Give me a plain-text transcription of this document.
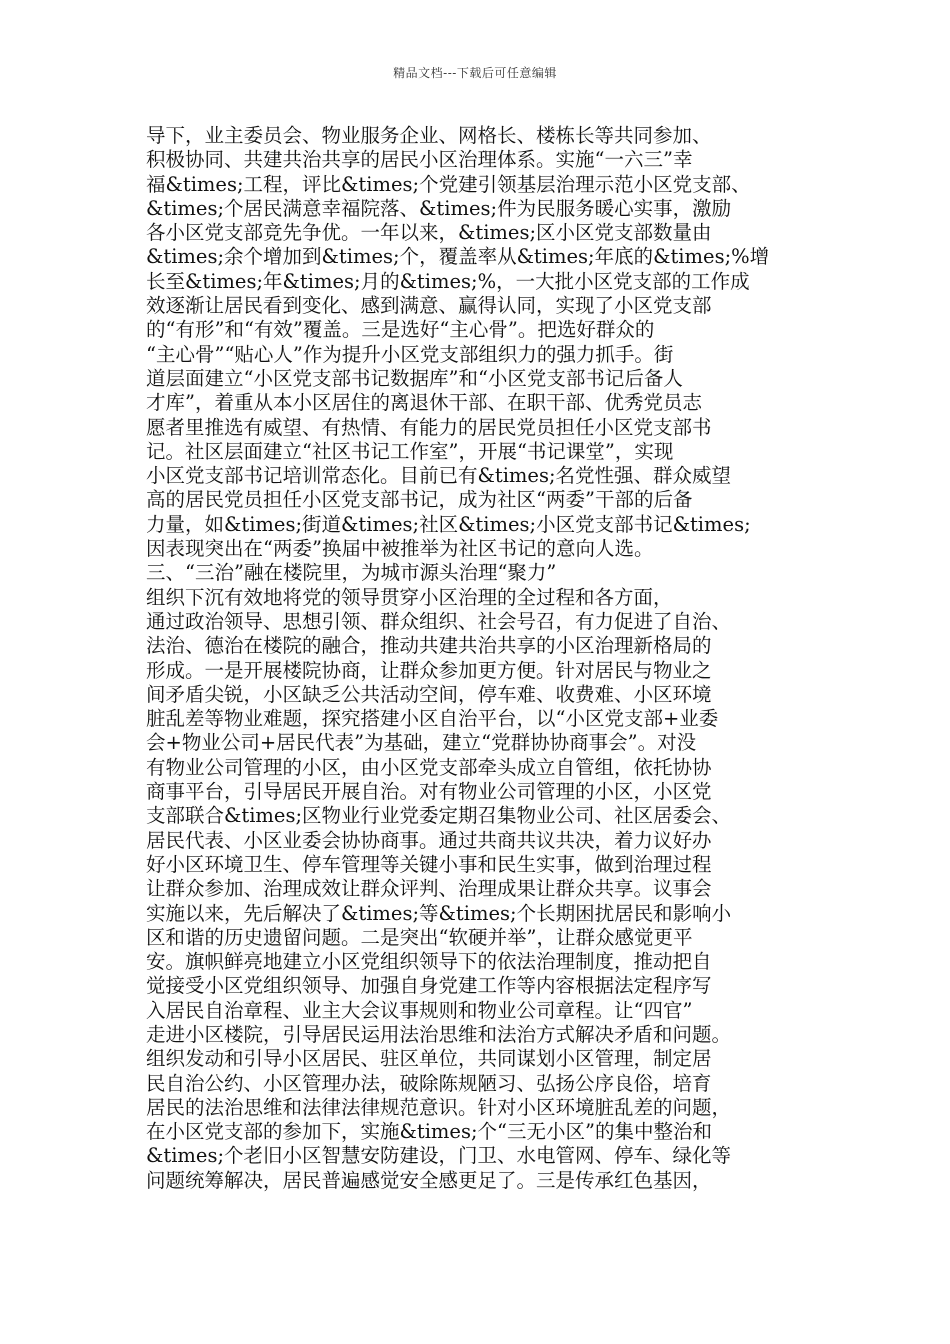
精品文档---下载后可任意编辑
导下，业主委员会、物业服务企业、网格长、楼栋长等共同参加、
积极协同、共建共治共享的居民小区治理体系。实施“一六三”幸
福&times;工程，评比&times;个党建引领基层治理示范小区党支部、
&times;个居民满意幸福院落、&times;件为民服务暖心实事，激励
各小区党支部竞先争优。一年以来，&times;区小区党支部数量由
&times;余个增加到&times;个，覆盖率从&times;年底的&times;%增
长至&times;年&times;月的&times;%，一大批小区党支部的工作成
效逐渐让居民看到变化、感到满意、赢得认同，实现了小区党支部
的“有形”和“有效”覆盖。三是选好“主心骨”。把选好群众的
“主心骨”“贴心人”作为提升小区党支部组织力的强力抓手。街
道层面建立“小区党支部书记数据库”和“小区党支部书记后备人
才库”，着重从本小区居住的离退休干部、在职干部、优秀党员志
愿者里推选有威望、有热情、有能力的居民党员担任小区党支部书
记。社区层面建立“社区书记工作室”，开展“书记课堂”，实现
小区党支部书记培训常态化。目前已有&times;名党性强、群众威望
高的居民党员担任小区党支部书记，成为社区“两委”干部的后备
力量，如&times;街道&times;社区&times;小区党支部书记&times;
因表现突出在“两委”换届中被推举为社区书记的意向人选。
三、“三治”融在楼院里，为城市源头治理“聚力”
组织下沉有效地将党的领导贯穿小区治理的全过程和各方面，
通过政治领导、思想引领、群众组织、社会号召，有力促进了自治、
法治、德治在楼院的融合，推动共建共治共享的小区治理新格局的
形成。一是开展楼院协商，让群众参加更方便。针对居民与物业之
间矛盾尖锐，小区缺乏公共活动空间，停车难、收费难、小区环境
脏乱差等物业难题，探究搭建小区自治平台，以“小区党支部+业委
会+物业公司+居民代表”为基础，建立“党群协协商事会”。对没
有物业公司管理的小区，由小区党支部牵头成立自管组，依托协协
商事平台，引导居民开展自治。对有物业公司管理的小区，小区党
支部联合&times;区物业行业党委定期召集物业公司、社区居委会、
居民代表、小区业委会协协商事。通过共商共议共决，着力议好办
好小区环境卫生、停车管理等关键小事和民生实事，做到治理过程
让群众参加、治理成效让群众评判、治理成果让群众共享。议事会
实施以来，先后解决了&times;等&times;个长期困扰居民和影响小
区和谐的历史遗留问题。二是突出“软硬并举”，让群众感觉更平
安。旗帜鲜亮地建立小区党组织领导下的依法治理制度，推动把自
觉接受小区党组织领导、加强自身党建工作等内容根据法定程序写
入居民自治章程、业主大会议事规则和物业公司章程。让“四官”
走进小区楼院，引导居民运用法治思维和法治方式解决矛盾和问题。
组织发动和引导小区居民、驻区单位，共同谋划小区管理，制定居
民自治公约、小区管理办法，破除陈规陋习、弘扬公序良俗，培育
居民的法治思维和法律法律规范意识。针对小区环境脏乱差的问题，
在小区党支部的参加下，实施&times;个“三无小区”的集中整治和
&times;个老旧小区智慧安防建设，门卫、水电管网、停车、绿化等
问题统筹解决，居民普遍感觉安全感更足了。三是传承红色基因，
